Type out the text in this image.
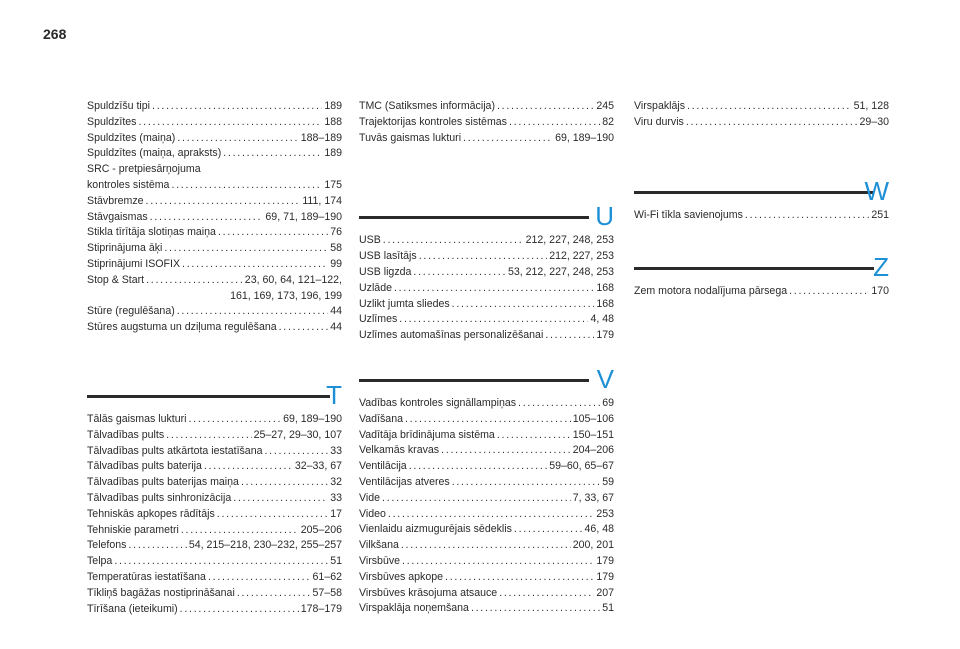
268
Spuldzīšu tipi . . .	189
Spuldzītes . . .	188
Spuldzītes (maiņa) . . .	188–189
Spuldzītes (maiņa, apraksts) . . .	189
SRC - pretpiesārņojuma
kontroles sistēma . . .	175
Stāvbremze . . .	111, 174
Stāvgaismas . . .	69, 71, 189–190
Stikla tīrītāja slotiņas maiņa . . .	76
Stiprinājuma āķi . . .	58
Stiprinājumi ISOFIX . . .	99
Stop & Start . . .	23, 60, 64, 121–122,
161, 169, 173, 196, 199
Stūre (regulēšana) . . .	44
Stūres augstuma un dziļuma regulēšana . . .	44
T
Tālās gaismas lukturi . . .	69, 189–190
Tālvadības pults . . .	25–27, 29–30, 107
Tālvadības pults atkārtota iestatīšana . . .	33
Tālvadības pults baterija . . .	32–33, 67
Tālvadības pults baterijas maiņa . . .	32
Tālvadības pults sinhronizācija . . .	33
Tehniskās apkopes rādītājs . . .	17
Tehniskie parametri . . .	205–206
Telefons . . .	54, 215–218, 230–232, 255–257
Telpa . . .	51
Temperatūras iestatīšana . . .	61–62
Tīkliņš bagāžas nostiprināšanai . . .	57–58
Tīrīšana (ieteikumi) . . .	178–179
TMC (Satiksmes informācija) . . .	245
Trajektorijas kontroles sistēmas . . .	82
Tuvās gaismas lukturi . . .	69, 189–190
U
USB . . .	212, 227, 248, 253
USB lasītājs . . .	212, 227, 253
USB ligzda . . .	53, 212, 227, 248, 253
Uzlāde . . .	168
Uzlikt jumta sliedes . . .	168
Uzlīmes . . .	4, 48
Uzlīmes automašīnas personalizēšanai . . .	179
V
Vadības kontroles signāllampiņas . . .	69
Vadīšana . . .	105–106
Vadītāja brīdinājuma sistēma . . .	150–151
Velkamās kravas . . .	204–206
Ventilācija . . .	59–60, 65–67
Ventilācijas atveres . . .	59
Vide . . .	7, 33, 67
Video . . .	253
Vienlaidu aizmugurējais sēdeklis . . .	46, 48
Vilkšana . . .	200, 201
Virsbūve . . .	179
Virsbūves apkope . . .	179
Virsbūves krāsojuma atsauce . . .	207
Virspaklāja noņemšana . . .	51
Virspaklājs . . .	51, 128
Viru durvis . . .	29–30
W
Wi-Fi tīkla savienojums . . .	251
Z
Zem motora nodalījuma pārsega . . .	170
